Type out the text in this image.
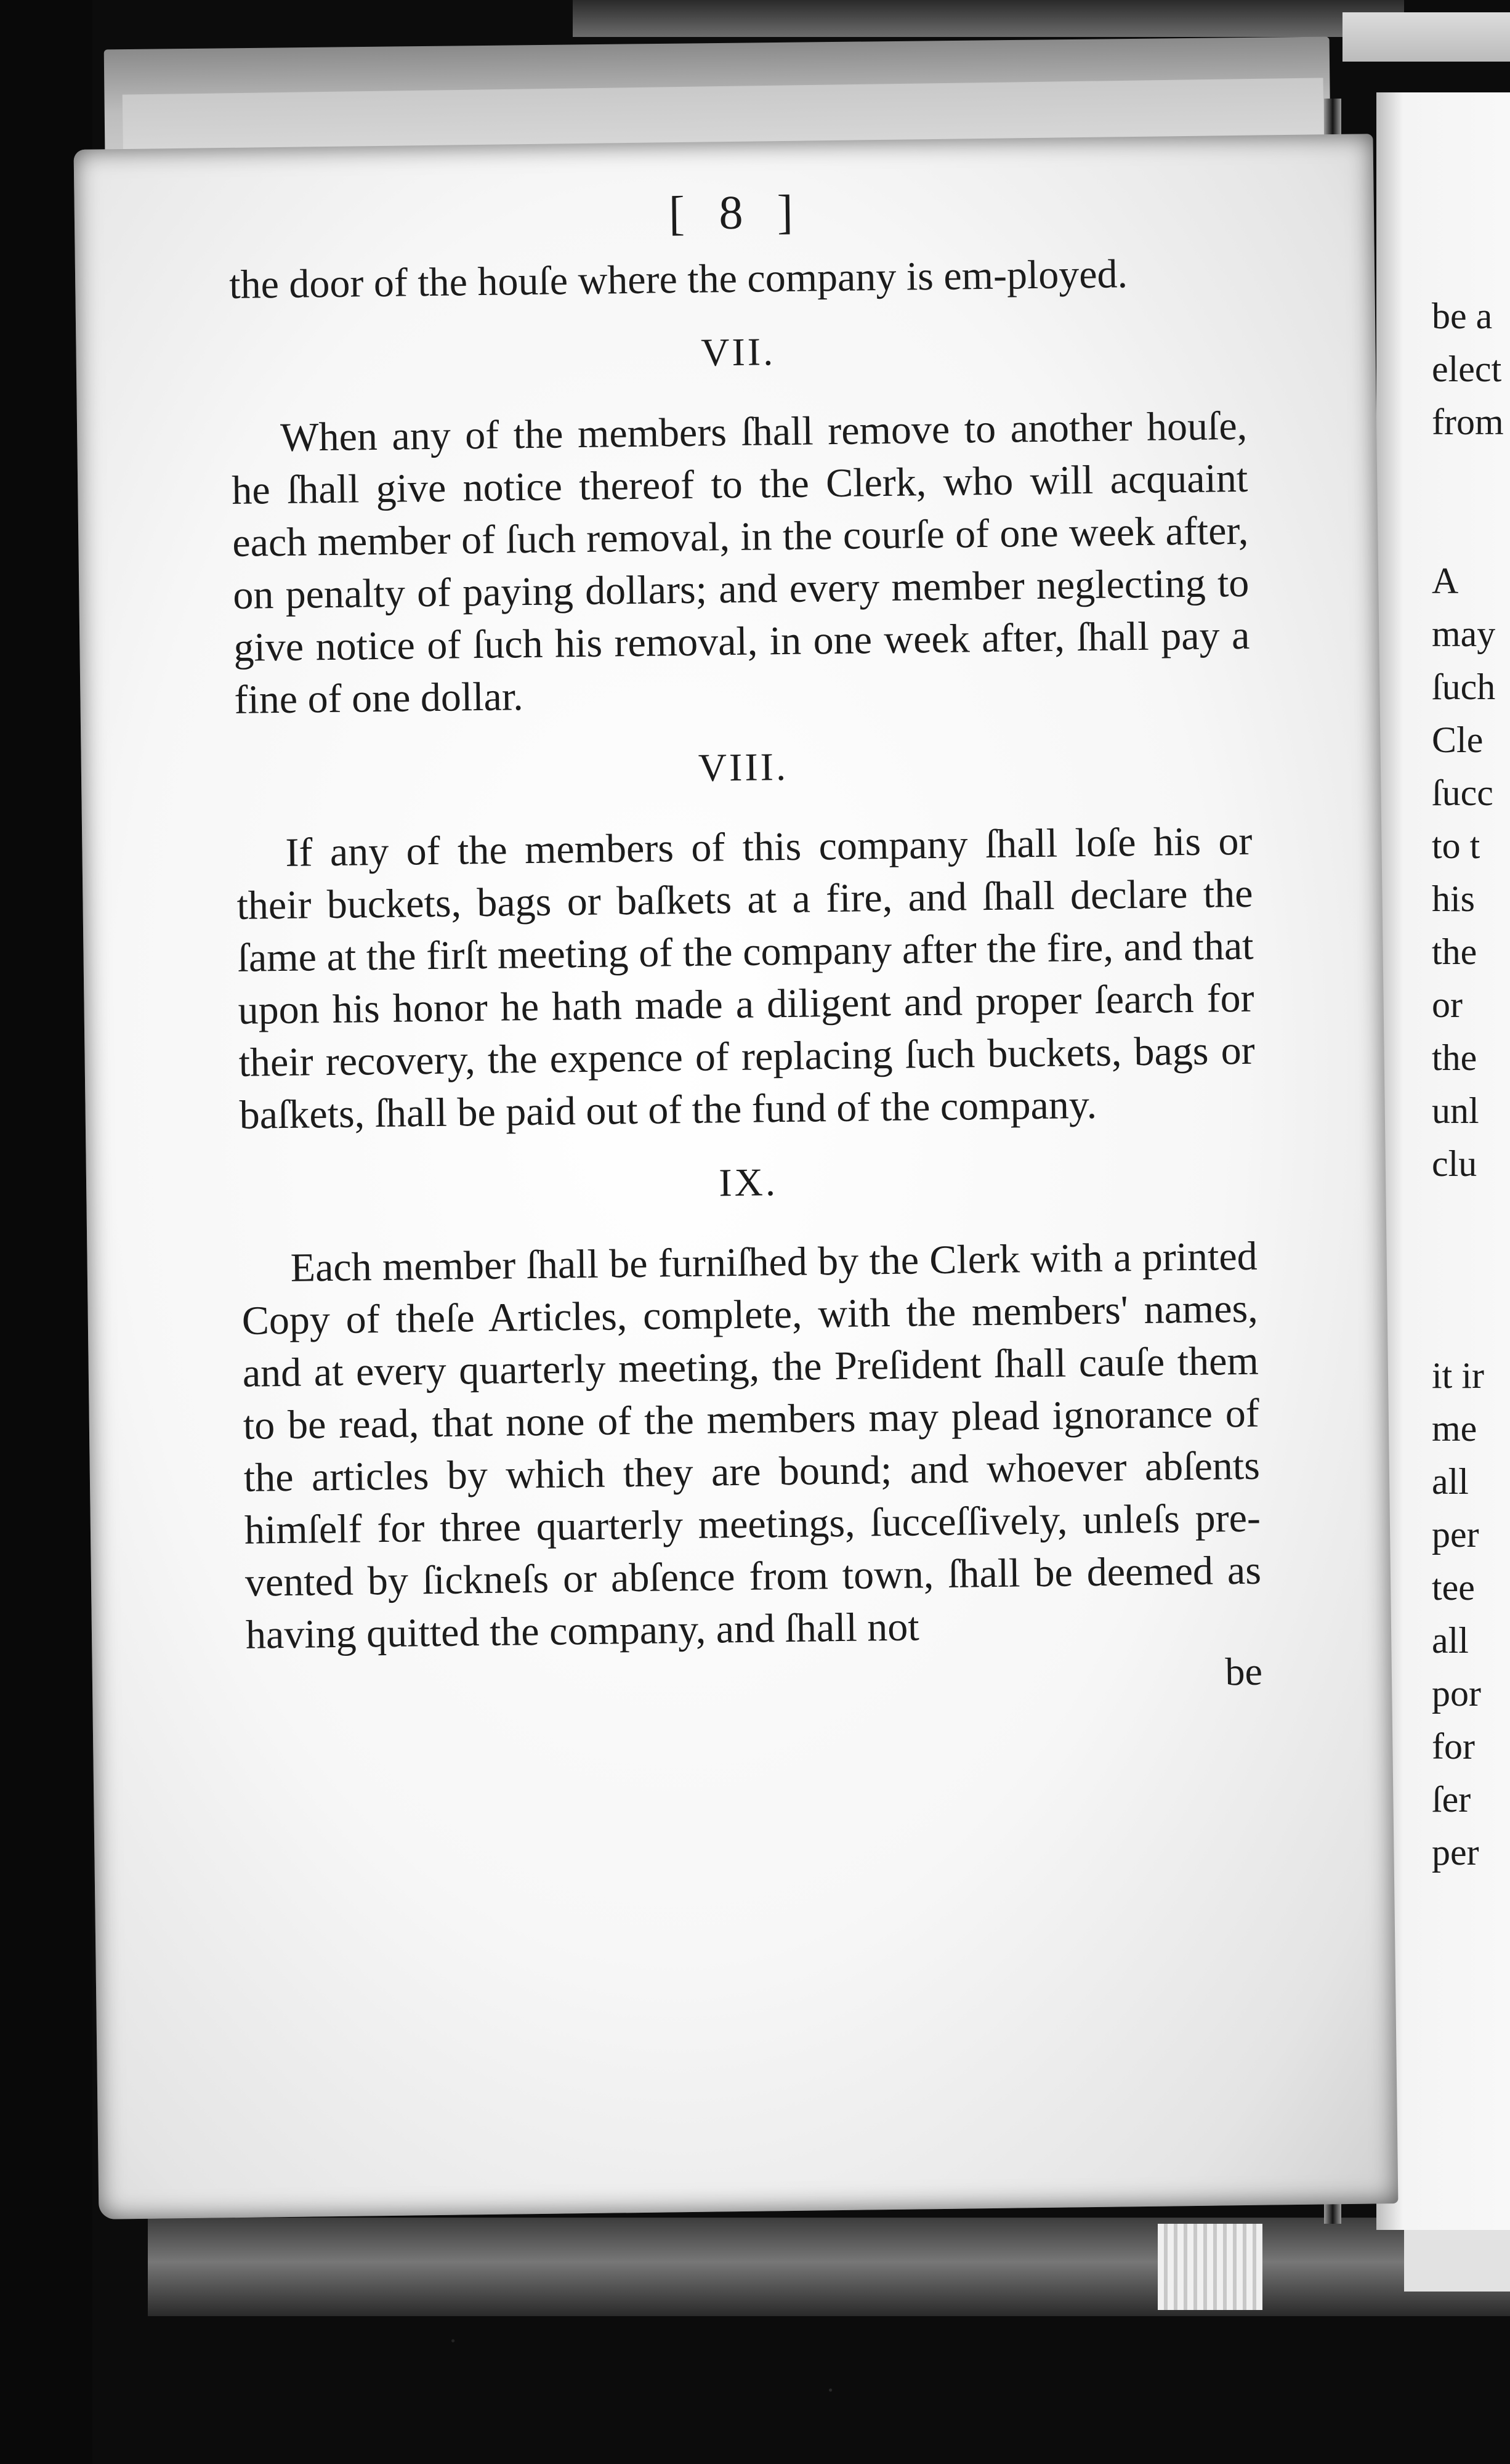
be a
elect
from
A
may
ſuch
Cle
ſucc
to t
his
the
or
the
unl
clu
it ir
me
all
per
tee
all
por
for
ſer
per
[ 8 ]

the door of the houſe where the company is em-ployed.

VII.

When any of the members ſhall remove to another houſe, he ſhall give notice thereof to the Clerk, who will acquaint each member of ſuch removal, in the courſe of one week after, on penalty of paying dollars; and every member neglecting to give notice of ſuch his removal, in one week after, ſhall pay a fine of one dollar.

VIII.

If any of the members of this company ſhall loſe his or their buckets, bags or baſkets at a fire, and ſhall declare the ſame at the firſt meeting of the company after the fire, and that upon his honor he hath made a diligent and proper ſearch for their recovery, the expence of replacing ſuch buckets, bags or baſkets, ſhall be paid out of the fund of the company.

IX.

Each member ſhall be furniſhed by the Clerk with a printed Copy of theſe Articles, complete, with the members' names, and at every quarterly meeting, the Preſident ſhall cauſe them to be read, that none of the members may plead ignorance of the articles by which they are bound; and whoever abſents himſelf for three quarterly meetings, ſucceſſively, unleſs pre-vented by ſickneſs or abſence from town, ſhall be deemed as having quitted the company, and ſhall not

be
